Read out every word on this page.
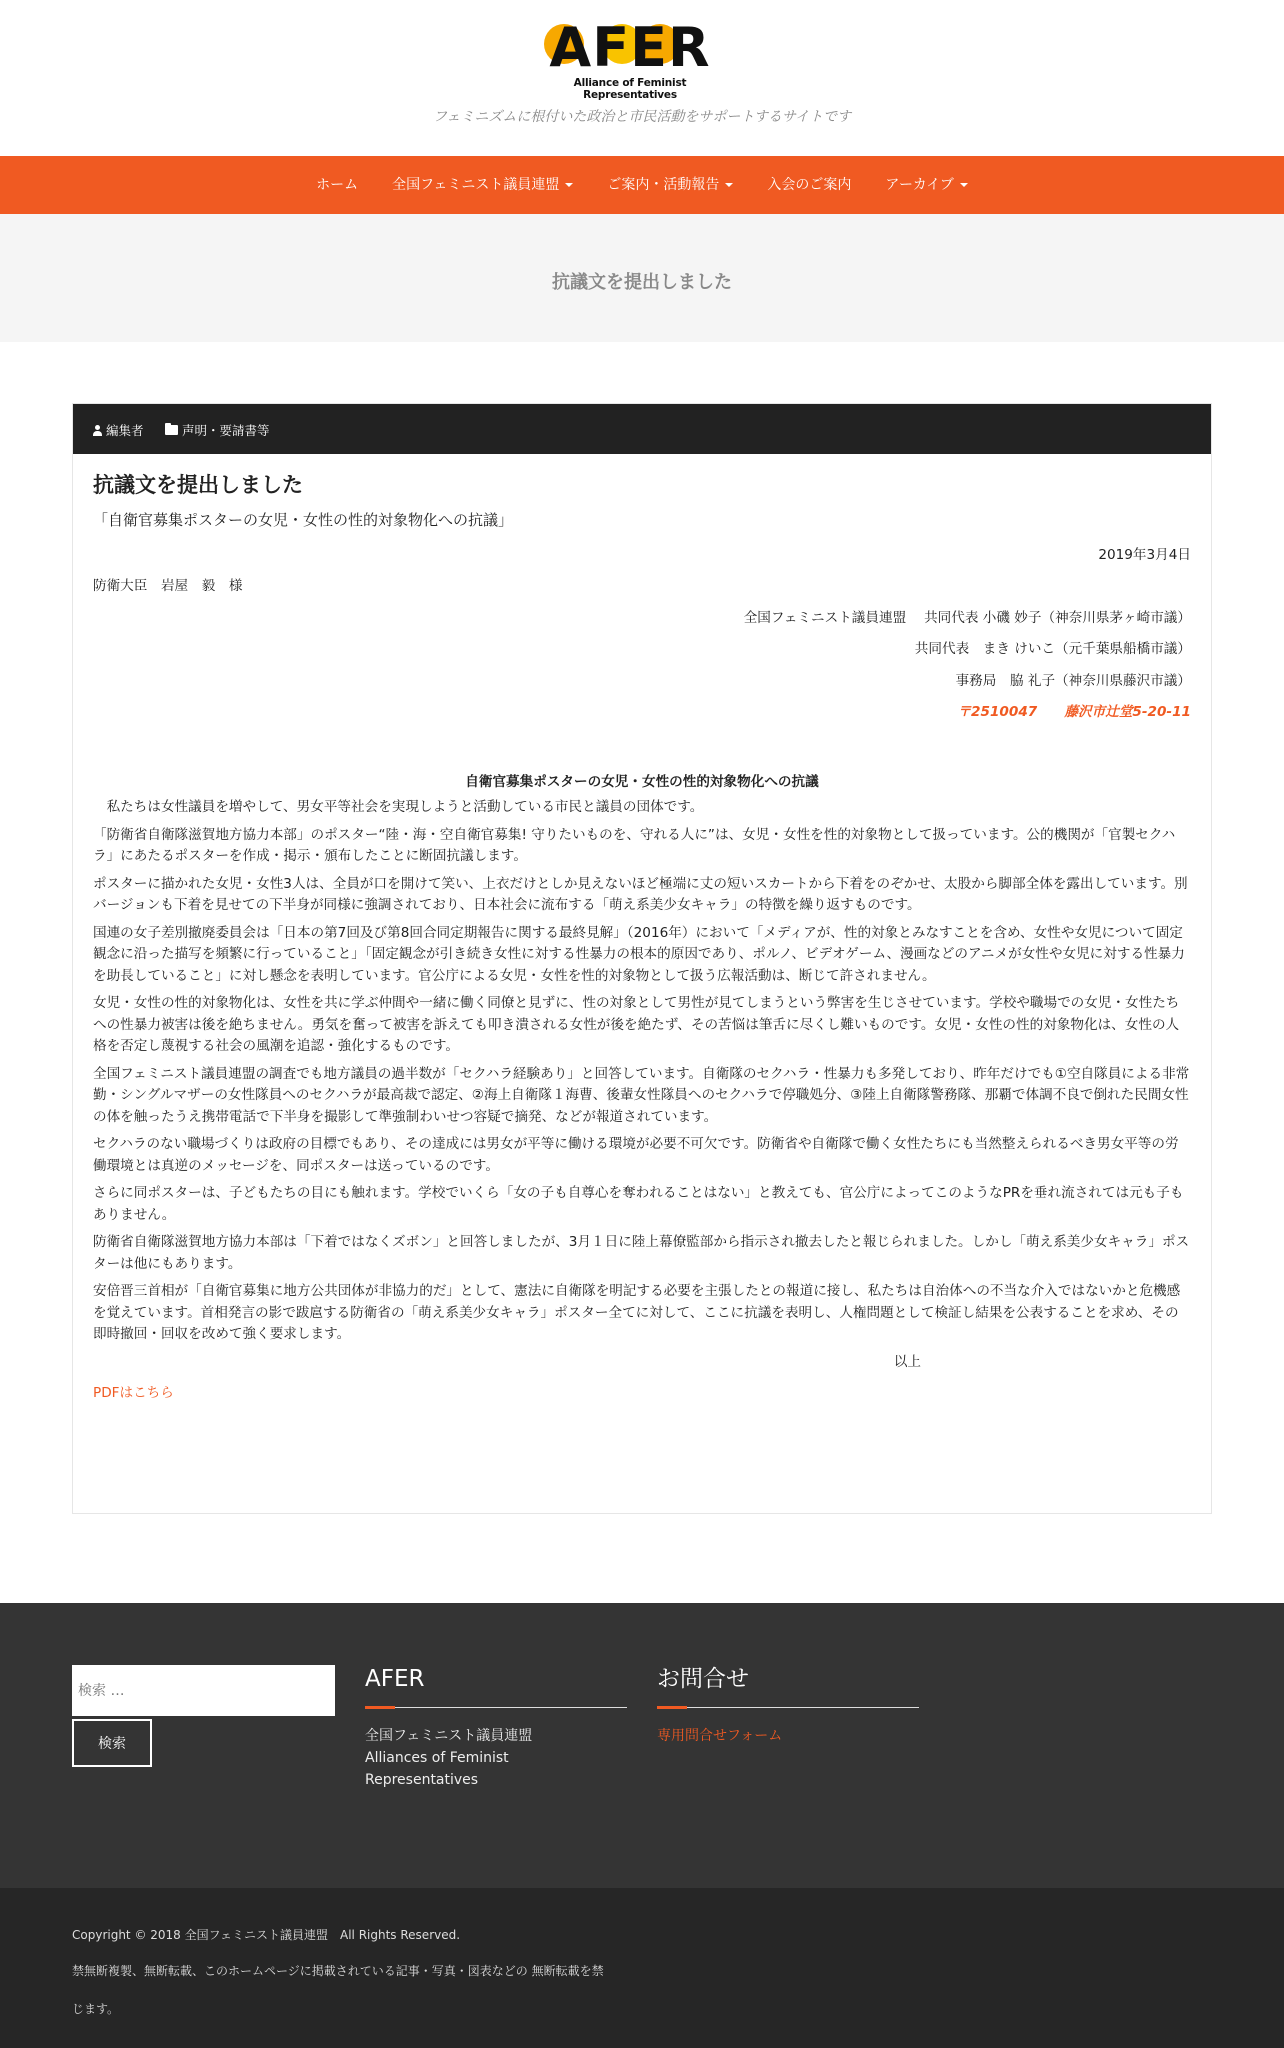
AFER
Alliance of Feminist Representatives
フェミニズムに根付いた政治と市民活動をサポートするサイトです
ホーム	全国フェミニスト議員連盟	ご案内・活動報告	入会のご案内	アーカイブ
抗議文を提出しました
編集者	声明・要請書等
抗議文を提出しました

「自衛官募集ポスターの女児・女性の性的対象物化への抗議」

2019年3月4日

防衛大臣　岩屋　毅　様

全国フェミニスト議員連盟　 共同代表 小磯 妙子（神奈川県茅ヶ崎市議）

共同代表　まき けいこ（元千葉県船橋市議）

事務局　脇 礼子（神奈川県藤沢市議）

〒2510047　　藤沢市辻堂5-20-11

自衛官募集ポスターの女児・女性の性的対象物化への抗議

　私たちは女性議員を増やして、男女平等社会を実現しようと活動している市民と議員の団体です。

「防衛省自衛隊滋賀地方協力本部」のポスター“陸・海・空自衛官募集! 守りたいものを、守れる人に”は、女児・女性を性的対象物として扱っています。公的機関が「官製セクハラ」にあたるポスターを作成・掲示・頒布したことに断固抗議します。

ポスターに描かれた女児・女性3人は、全員が口を開けて笑い、上衣だけとしか見えないほど極端に丈の短いスカートから下着をのぞかせ、太股から脚部全体を露出しています。別バージョンも下着を見せての下半身が同様に強調されており、日本社会に流布する「萌え系美少女キャラ」の特徴を繰り返すものです。

国連の女子差別撤廃委員会は「日本の第7回及び第8回合同定期報告に関する最終見解」（2016年）において「メディアが、性的対象とみなすことを含め、女性や女児について固定観念に沿った描写を頻繁に行っていること」「固定観念が引き続き女性に対する性暴力の根本的原因であり、ポルノ、ビデオゲーム、漫画などのアニメが女性や女児に対する性暴力を助長していること」に対し懸念を表明しています。官公庁による女児・女性を性的対象物として扱う広報活動は、断じて許されません。

女児・女性の性的対象物化は、女性を共に学ぶ仲間や一緒に働く同僚と見ずに、性の対象として男性が見てしまうという弊害を生じさせています。学校や職場での女児・女性たちへの性暴力被害は後を絶ちません。勇気を奮って被害を訴えても叩き潰される女性が後を絶たず、その苦悩は筆舌に尽くし難いものです。女児・女性の性的対象物化は、女性の人格を否定し蔑視する社会の風潮を追認・強化するものです。

全国フェミニスト議員連盟の調査でも地方議員の過半数が「セクハラ経験あり」と回答しています。自衛隊のセクハラ・性暴力も多発しており、昨年だけでも①空自隊員による非常勤・シングルマザーの女性隊員へのセクハラが最高裁で認定、②海上自衛隊１海曹、後輩女性隊員へのセクハラで停職処分、③陸上自衛隊警務隊、那覇で体調不良で倒れた民間女性の体を触ったうえ携帯電話で下半身を撮影して準強制わいせつ容疑で摘発、などが報道されています。

セクハラのない職場づくりは政府の目標でもあり、その達成には男女が平等に働ける環境が必要不可欠です。防衛省や自衛隊で働く女性たちにも当然整えられるべき男女平等の労働環境とは真逆のメッセージを、同ポスターは送っているのです。

さらに同ポスターは、子どもたちの目にも触れます。学校でいくら「女の子も自尊心を奪われることはない」と教えても、官公庁によってこのようなPRを垂れ流されては元も子もありません。

防衛省自衛隊滋賀地方協力本部は「下着ではなくズボン」と回答しましたが、3月１日に陸上幕僚監部から指示され撤去したと報じられました。しかし「萌え系美少女キャラ」ポスターは他にもあります。

安倍晋三首相が「自衛官募集に地方公共団体が非協力的だ」として、憲法に自衛隊を明記する必要を主張したとの報道に接し、私たちは自治体への不当な介入ではないかと危機感を覚えています。首相発言の影で跋扈する防衛省の「萌え系美少女キャラ」ポスター全てに対して、ここに抗議を表明し、人権問題として検証し結果を公表することを求め、その即時撤回・回収を改めて強く要求します。

以上

PDFはこちら
検索 …
検索
AFER
全国フェミニスト議員連盟
Alliances of Feminist
Representatives
お問合せ
専用問合せフォーム
Copyright © 2018 全国フェミニスト議員連盟　All Rights Reserved.
禁無断複製、無断転載、このホームページに掲載されている記事・写真・図表などの 無断転載を禁
じます。
